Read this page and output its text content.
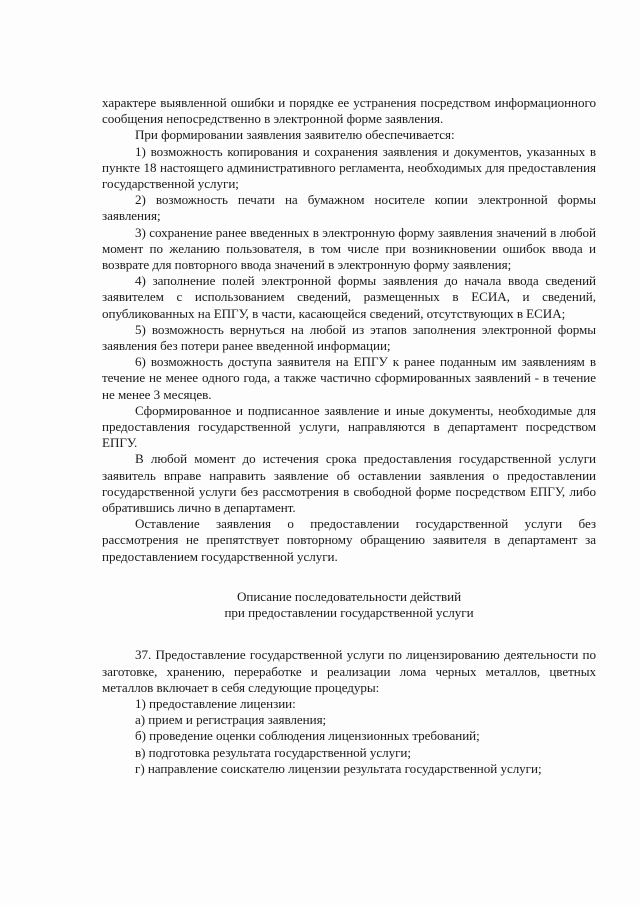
характере выявленной ошибки и порядке ее устранения посредством информационного сообщения непосредственно в электронной форме заявления.

При формировании заявления заявителю обеспечивается:

1) возможность копирования и сохранения заявления и документов, указанных в пункте 18 настоящего административного регламента, необходимых для предоставления государственной услуги;

2) возможность печати на бумажном носителе копии электронной формы заявления;

3) сохранение ранее введенных в электронную форму заявления значений в любой момент по желанию пользователя, в том числе при возникновении ошибок ввода и возврате для повторного ввода значений в электронную форму заявления;

4) заполнение полей электронной формы заявления до начала ввода сведений заявителем с использованием сведений, размещенных в ЕСИА, и сведений, опубликованных на ЕПГУ, в части, касающейся сведений, отсутствующих в ЕСИА;

5) возможность вернуться на любой из этапов заполнения электронной формы заявления без потери ранее введенной информации;

6) возможность доступа заявителя на ЕПГУ к ранее поданным им заявлениям в течение не менее одного года, а также частично сформированных заявлений - в течение не менее 3 месяцев.

Сформированное и подписанное заявление и иные документы, необходимые для предоставления государственной услуги, направляются в департамент посредством ЕПГУ.

В любой момент до истечения срока предоставления государственной услуги заявитель вправе направить заявление об оставлении заявления о предоставлении государственной услуги без рассмотрения в свободной форме посредством ЕПГУ, либо обратившись лично в департамент.

Оставление заявления о предоставлении государственной услуги без рассмотрения не препятствует повторному обращению заявителя в департамент за предоставлением государственной услуги.

Описание последовательности действий

при предоставлении государственной услуги

37. Предоставление государственной услуги по лицензированию деятельности по заготовке, хранению, переработке и реализации лома черных металлов, цветных металлов включает в себя следующие процедуры:

1) предоставление лицензии:

а) прием и регистрация заявления;

б) проведение оценки соблюдения лицензионных требований;

в) подготовка результата государственной услуги;

г) направление соискателю лицензии результата государственной услуги;
